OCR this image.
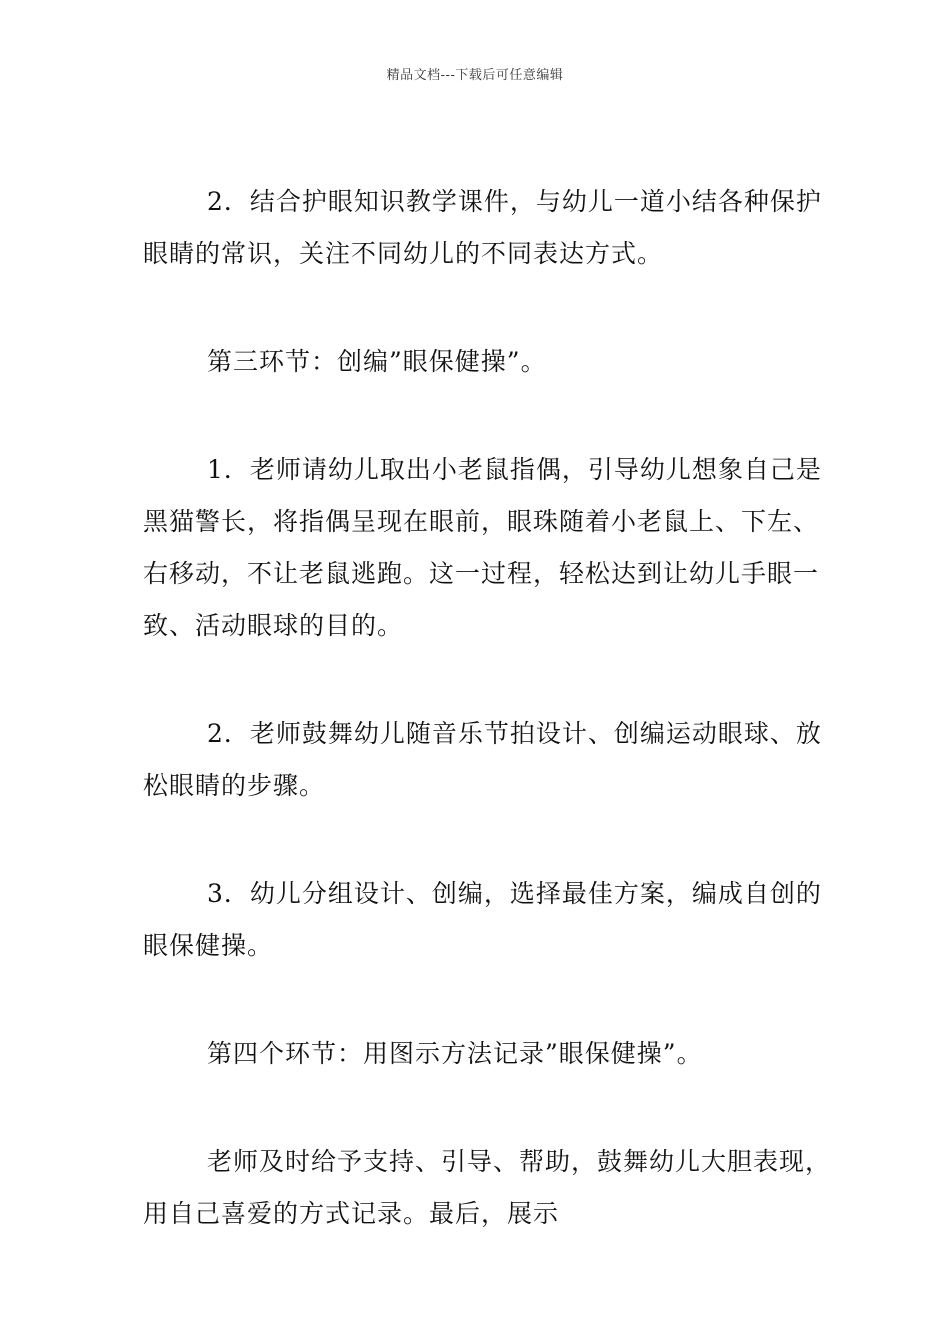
精品文档---下载后可任意编辑

2．结合护眼知识教学课件，与幼儿一道小结各种保护眼睛的常识，关注不同幼儿的不同表达方式。

第三环节：创编”眼保健操”。

1．老师请幼儿取出小老鼠指偶，引导幼儿想象自己是黑猫警长，将指偶呈现在眼前，眼珠随着小老鼠上、下左、右移动，不让老鼠逃跑。这一过程，轻松达到让幼儿手眼一致、活动眼球的目的。

2．老师鼓舞幼儿随音乐节拍设计、创编运动眼球、放松眼睛的步骤。

3．幼儿分组设计、创编，选择最佳方案，编成自创的眼保健操。

第四个环节：用图示方法记录”眼保健操”。

老师及时给予支持、引导、帮助，鼓舞幼儿大胆表现，用自己喜爱的方式记录。最后，展示
